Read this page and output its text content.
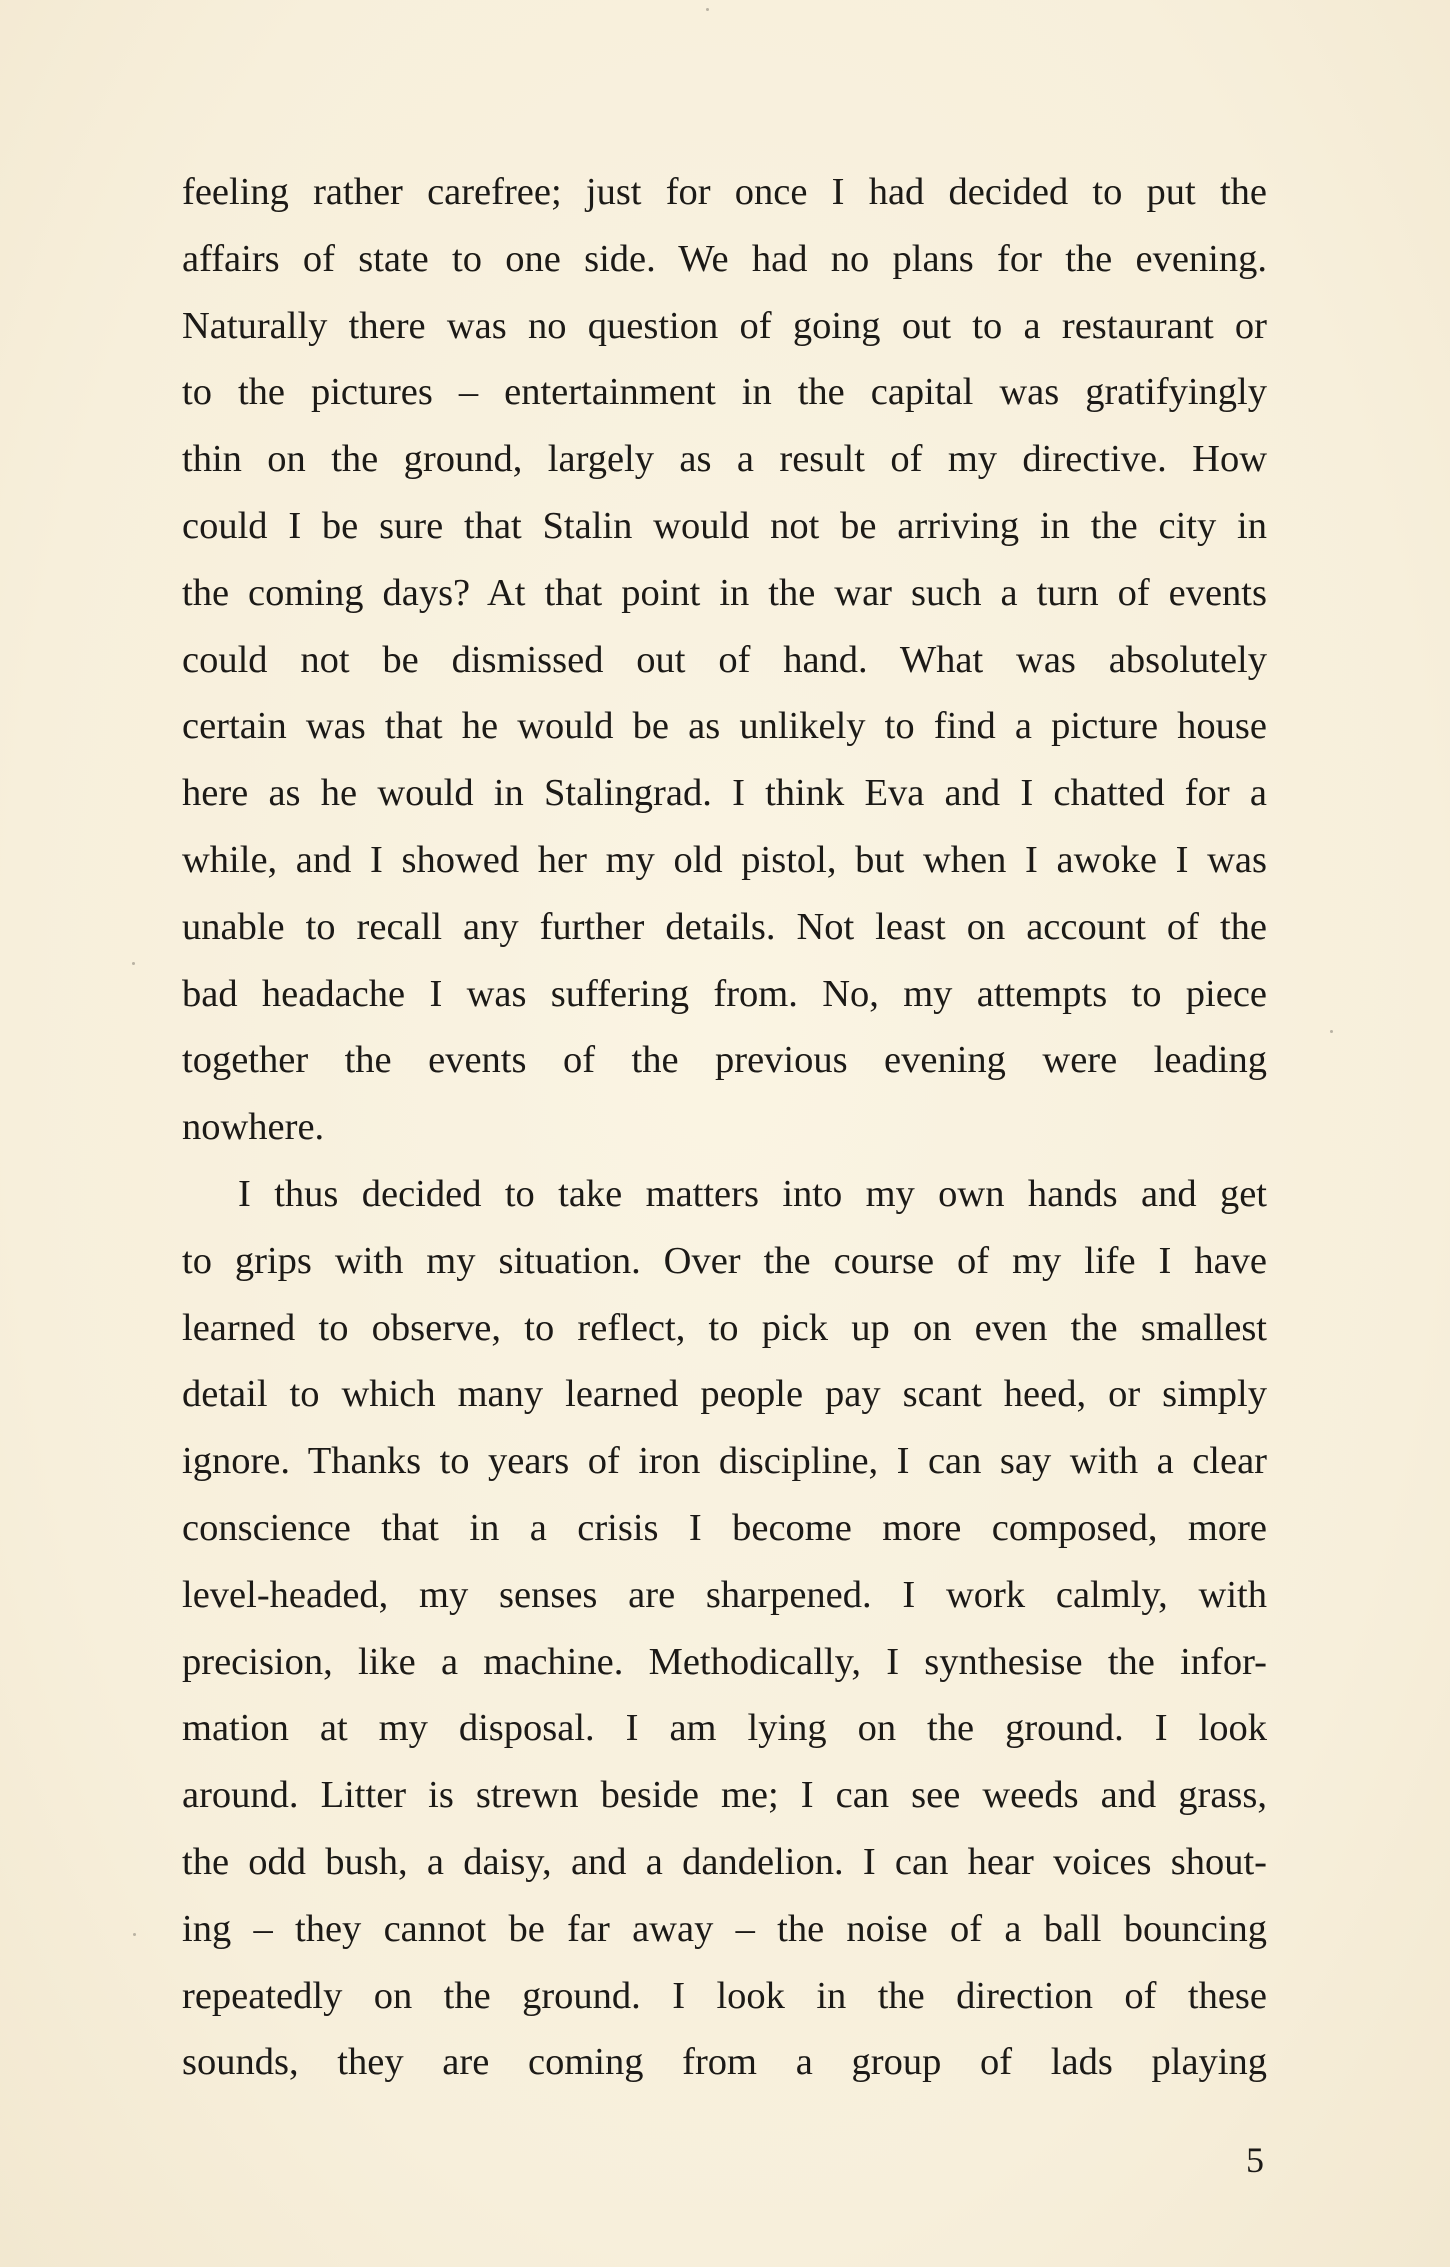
feeling rather carefree; just for once I had decided to put the
affairs of state to one side. We had no plans for the evening.
Naturally there was no question of going out to a restaurant or
to the pictures – entertainment in the capital was gratifyingly
thin on the ground, largely as a result of my directive. How
could I be sure that Stalin would not be arriving in the city in
the coming days? At that point in the war such a turn of events
could not be dismissed out of hand. What was absolutely
certain was that he would be as unlikely to find a picture house
here as he would in Stalingrad. I think Eva and I chatted for a
while, and I showed her my old pistol, but when I awoke I was
unable to recall any further details. Not least on account of the
bad headache I was suffering from. No, my attempts to piece
together the events of the previous evening were leading
nowhere.
I thus decided to take matters into my own hands and get
to grips with my situation. Over the course of my life I have
learned to observe, to reflect, to pick up on even the smallest
detail to which many learned people pay scant heed, or simply
ignore. Thanks to years of iron discipline, I can say with a clear
conscience that in a crisis I become more composed, more
level-headed, my senses are sharpened. I work calmly, with
precision, like a machine. Methodically, I synthesise the infor-
mation at my disposal. I am lying on the ground. I look
around. Litter is strewn beside me; I can see weeds and grass,
the odd bush, a daisy, and a dandelion. I can hear voices shout-
ing – they cannot be far away – the noise of a ball bouncing
repeatedly on the ground. I look in the direction of these
sounds, they are coming from a group of lads playing
5
